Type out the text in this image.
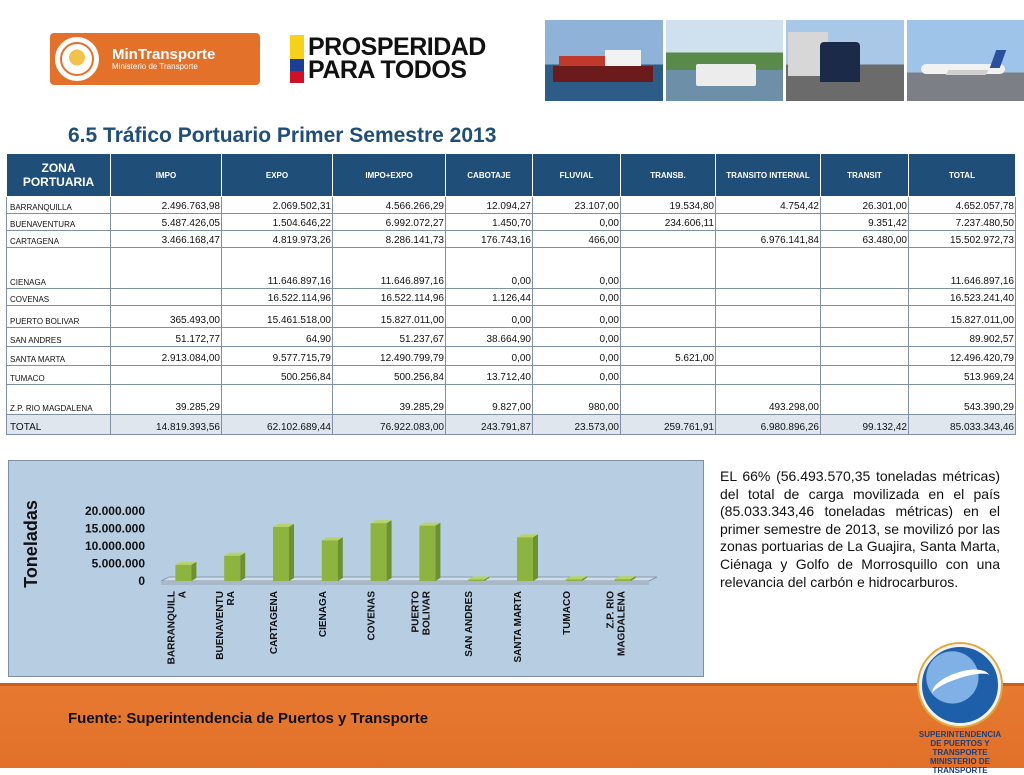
MinTransporte
Ministerio de Transporte
PROSPERIDAD
PARA TODOS
6.5 Tráfico Portuario Primer Semestre 2013
ZONA PORTUARIA	IMPO	EXPO	IMPO+EXPO	CABOTAJE	FLUVIAL	TRANSB.	TRANSITO INTERNAL	TRANSIT	TOTAL
BARRANQUILLA	2.496.763,98	2.069.502,31	4.566.266,29	12.094,27	23.107,00	19.534,80	4.754,42	26.301,00	4.652.057,78
BUENAVENTURA	5.487.426,05	1.504.646,22	6.992.072,27	1.450,70	0,00	234.606,11		9.351,42	7.237.480,50
CARTAGENA	3.466.168,47	4.819.973,26	8.286.141,73	176.743,16	466,00		6.976.141,84	63.480,00	15.502.972,73
CIENAGA		11.646.897,16	11.646.897,16	0,00	0,00				11.646.897,16
COVENAS		16.522.114,96	16.522.114,96	1.126,44	0,00				16.523.241,40
PUERTO BOLIVAR	365.493,00	15.461.518,00	15.827.011,00	0,00	0,00				15.827.011,00
SAN ANDRES	51.172,77	64,90	51.237,67	38.664,90	0,00				89.902,57
SANTA MARTA	2.913.084,00	9.577.715,79	12.490.799,79	0,00	0,00	5.621,00			12.496.420,79
TUMACO		500.256,84	500.256,84	13.712,40	0,00				513.969,24
Z.P. RIO MAGDALENA	39.285,29		39.285,29	9.827,00	980,00		493.298,00		543.390,29
TOTAL	14.819.393,56	62.102.689,44	76.922.083,00	243.791,87	23.573,00	259.761,91	6.980.896,26	99.132,42	85.033.343,46
0
5.000.000
10.000.000
15.000.000
20.000.000
Toneladas
BARRANQUILL A	BUENAVENTU RA	CARTAGENA	CIENAGA	COVENAS	PUERTO BOLIVAR	SAN ANDRES	SANTA MARTA	TUMACO	Z.P. RIO MAGDALENA
EL 66% (56.493.570,35 toneladas métricas) del total de carga movilizada en el país (85.033.343,46 toneladas métricas) en el primer semestre de 2013, se movilizó por las zonas portuarias de La Guajira, Santa Marta, Ciénaga y Golfo de Morrosquillo con una relevancia del carbón e hidrocarburos.
Fuente: Superintendencia de Puertos y Transporte
SUPERINTENDENCIA
DE PUERTOS Y TRANSPORTE
MINISTERIO DE TRANSPORTE
